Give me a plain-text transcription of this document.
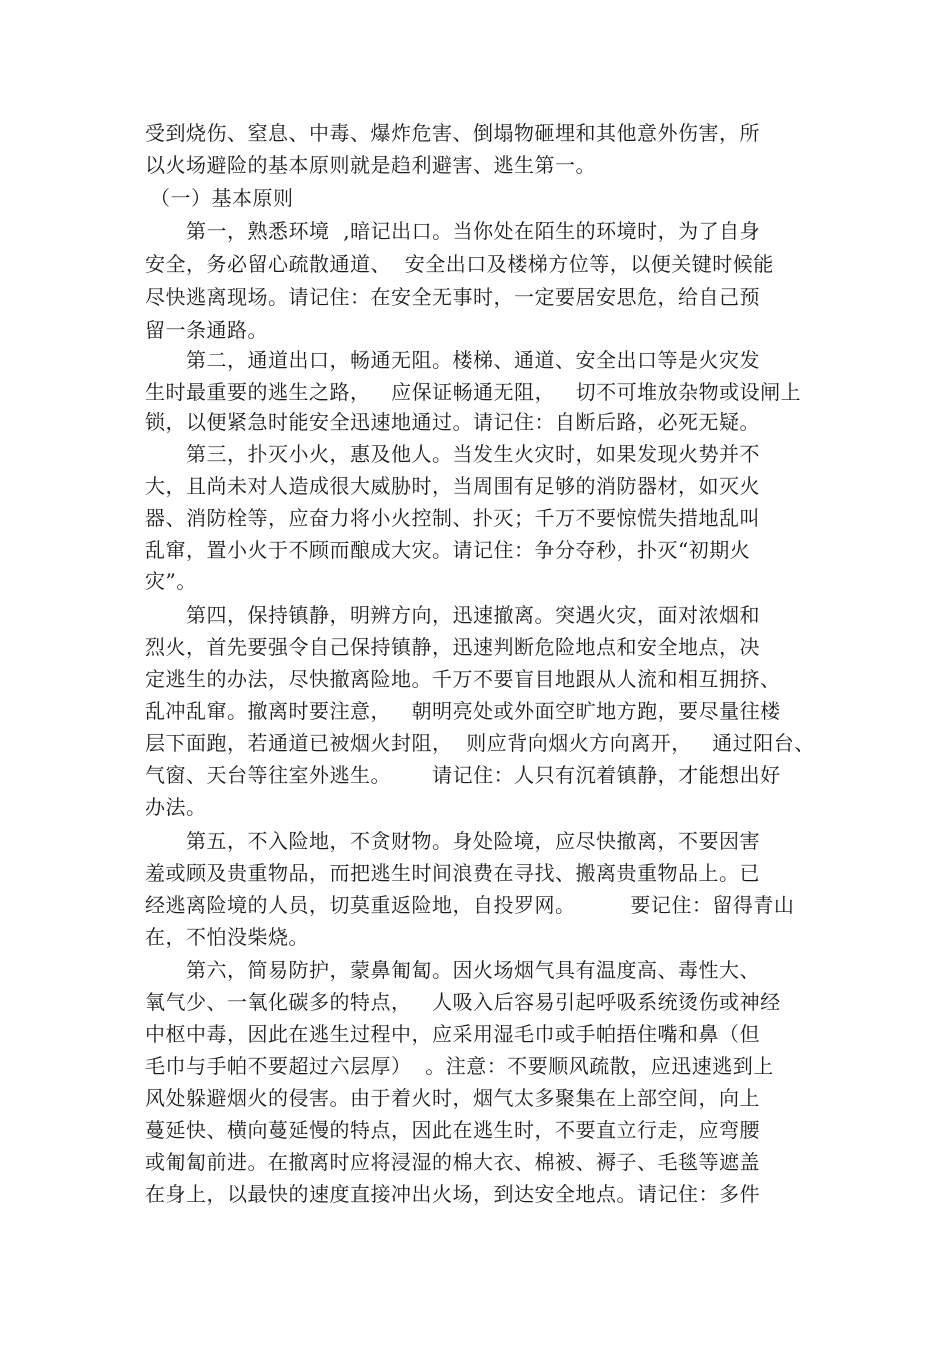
受到烧伤、窒息、中毒、爆炸危害、倒塌物砸埋和其他意外伤害，所
以火场避险的基本原则就是趋利避害、逃生第一。
（一）基本原则
　　第一，熟悉环境  ,暗记出口。当你处在陌生的环境时，为了自身
安全，务必留心疏散通道、  安全出口及楼梯方位等，以便关键时候能
尽快逃离现场。请记住：在安全无事时，一定要居安思危，给自己预
留一条通路。
　　第二，通道出口，畅通无阻。楼梯、通道、安全出口等是火灾发
生时最重要的逃生之路，   应保证畅通无阻，   切不可堆放杂物或设闸上
锁，以便紧急时能安全迅速地通过。请记住：自断后路，必死无疑。
　　第三，扑灭小火，惠及他人。当发生火灾时，如果发现火势并不
大，且尚未对人造成很大威胁时，当周围有足够的消防器材，如灭火
器、消防栓等，应奋力将小火控制、扑灭；千万不要惊慌失措地乱叫
乱窜，置小火于不顾而酿成大灾。请记住：争分夺秒，扑灭“初期火
灾”。
　　第四，保持镇静，明辨方向，迅速撤离。突遇火灾，面对浓烟和
烈火，首先要强令自己保持镇静，迅速判断危险地点和安全地点，决
定逃生的办法，尽快撤离险地。千万不要盲目地跟从人流和相互拥挤、
乱冲乱窜。撤离时要注意，   朝明亮处或外面空旷地方跑，要尽量往楼
层下面跑，若通道已被烟火封阻，  则应背向烟火方向离开，   通过阳台、
气窗、天台等往室外逃生。      请记住：人只有沉着镇静，才能想出好
办法。
　　第五，不入险地，不贪财物。身处险境，应尽快撤离，不要因害
羞或顾及贵重物品，而把逃生时间浪费在寻找、搬离贵重物品上。已
经逃离险境的人员，切莫重返险地，自投罗网。        要记住：留得青山
在，不怕没柴烧。
　　第六，简易防护，蒙鼻匍匐。因火场烟气具有温度高、毒性大、
氧气少、一氧化碳多的特点，   人吸入后容易引起呼吸系统烫伤或神经
中枢中毒，因此在逃生过程中，应采用湿毛巾或手帕捂住嘴和鼻（但
毛巾与手帕不要超过六层厚）  。注意：不要顺风疏散，应迅速逃到上
风处躲避烟火的侵害。由于着火时，烟气太多聚集在上部空间，向上
蔓延快、横向蔓延慢的特点，因此在逃生时，不要直立行走，应弯腰
或匍匐前进。在撤离时应将浸湿的棉大衣、棉被、褥子、毛毯等遮盖
在身上，以最快的速度直接冲出火场，到达安全地点。请记住：多件
